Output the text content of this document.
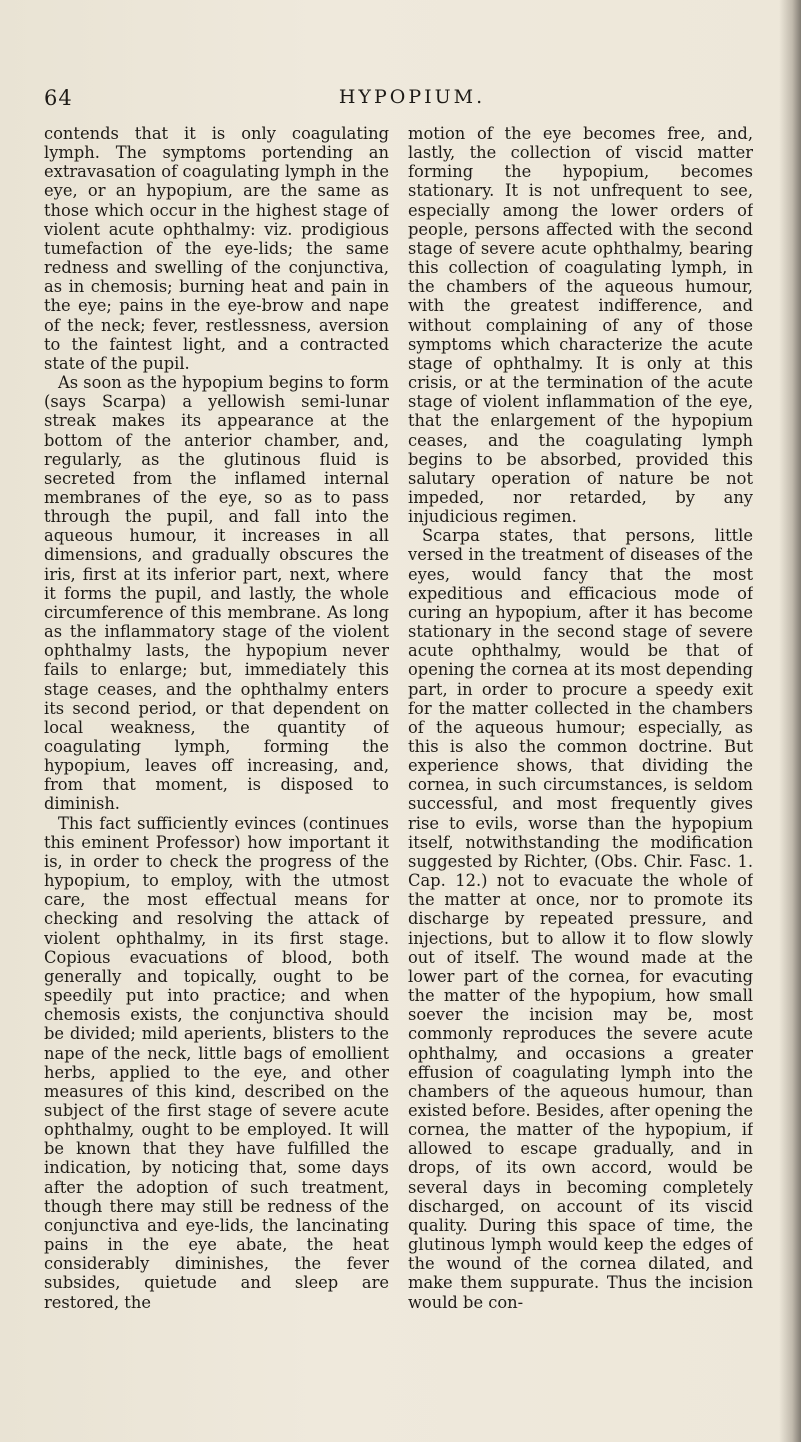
64	HYPOPIUM.

contends that it is only coagulating lymph. The symptoms portending an extravasation of coagulating lymph in the eye, or an hypopium, are the same as those which occur in the highest stage of violent acute ophthalmy: viz. prodigious tumefaction of the eye-lids; the same redness and swelling of the conjunctiva, as in chemosis; burning heat and pain in the eye; pains in the eye-brow and nape of the neck; fever, restlessness, aversion to the faintest light, and a contracted state of the pupil.

As soon as the hypopium begins to form (says Scarpa) a yellowish semi-lunar streak makes its appearance at the bottom of the anterior chamber, and, regularly, as the glutinous fluid is secreted from the inflamed internal membranes of the eye, so as to pass through the pupil, and fall into the aqueous humour, it increases in all dimensions, and gradually obscures the iris, first at its inferior part, next, where it forms the pupil, and lastly, the whole circumference of this membrane. As long as the inflammatory stage of the violent ophthalmy lasts, the hypopium never fails to enlarge; but, immediately this stage ceases, and the ophthalmy enters its second period, or that dependent on local weakness, the quantity of coagulating lymph, forming the hypopium, leaves off increasing, and, from that moment, is disposed to diminish.

This fact sufficiently evinces (continues this eminent Professor) how important it is, in order to check the progress of the hypopium, to employ, with the utmost care, the most effectual means for checking and resolving the attack of violent ophthalmy, in its first stage. Copious evacuations of blood, both generally and topically, ought to be speedily put into practice; and when chemosis exists, the conjunctiva should be divided; mild aperients, blisters to the nape of the neck, little bags of emollient herbs, applied to the eye, and other measures of this kind, described on the subject of the first stage of severe acute ophthalmy, ought to be employed. It will be known that they have fulfilled the indication, by noticing that, some days after the adoption of such treatment, though there may still be redness of the conjunctiva and eye-lids, the lancinating pains in the eye abate, the heat considerably diminishes, the fever subsides, quietude and sleep are restored, the

motion of the eye becomes free, and, lastly, the collection of viscid matter forming the hypopium, becomes stationary. It is not unfrequent to see, especially among the lower orders of people, persons affected with the second stage of severe acute ophthalmy, bearing this collection of coagulating lymph, in the chambers of the aqueous humour, with the greatest indifference, and without complaining of any of those symptoms which characterize the acute stage of ophthalmy. It is only at this crisis, or at the termination of the acute stage of violent inflammation of the eye, that the enlargement of the hypopium ceases, and the coagulating lymph begins to be absorbed, provided this salutary operation of nature be not impeded, nor retarded, by any injudicious regimen.

Scarpa states, that persons, little versed in the treatment of diseases of the eyes, would fancy that the most expeditious and efficacious mode of curing an hypopium, after it has become stationary in the second stage of severe acute ophthalmy, would be that of opening the cornea at its most depending part, in order to procure a speedy exit for the matter collected in the chambers of the aqueous humour; especially, as this is also the common doctrine. But experience shows, that dividing the cornea, in such circumstances, is seldom successful, and most frequently gives rise to evils, worse than the hypopium itself, notwithstanding the modification suggested by Richter, (Obs. Chir. Fasc. 1. Cap. 12.) not to evacuate the whole of the matter at once, nor to promote its discharge by repeated pressure, and injections, but to allow it to flow slowly out of itself. The wound made at the lower part of the cornea, for evacuting the matter of the hypopium, how small soever the incision may be, most commonly reproduces the severe acute ophthalmy, and occasions a greater effusion of coagulating lymph into the chambers of the aqueous humour, than existed before. Besides, after opening the cornea, the matter of the hypopium, if allowed to escape gradually, and in drops, of its own accord, would be several days in becoming completely discharged, on account of its viscid quality. During this space of time, the glutinous lymph would keep the edges of the wound of the cornea dilated, and make them suppurate. Thus the incision would be con-
